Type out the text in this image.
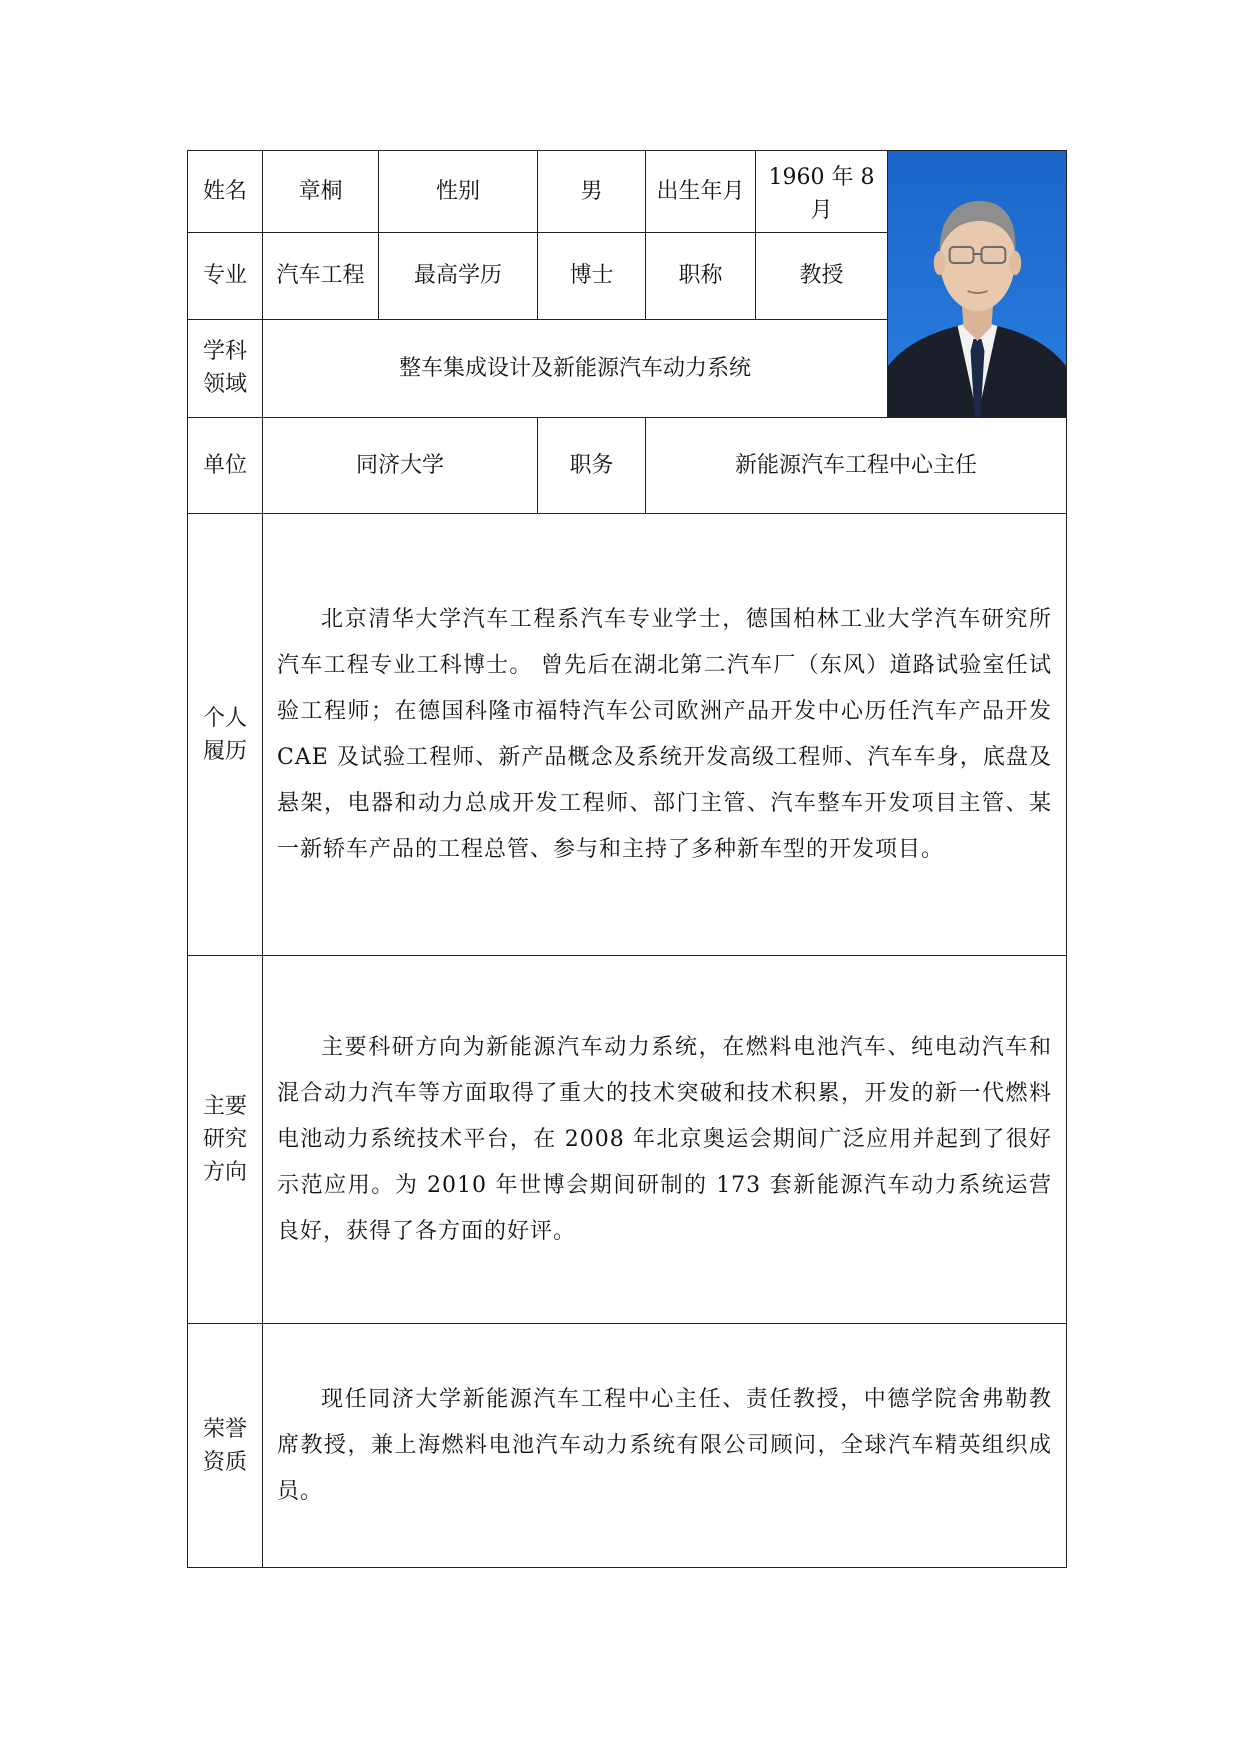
姓名	章桐	性别	男	出生年月	1960 年 8 月	

专业	汽车工程	最高学历	博士	职称	教授	
学科领域	整车集成设计及新能源汽车动力系统					
单位	同济大学		职务	新能源汽车工程中心主任		
个人履历	北京清华大学汽车工程系汽车专业学士，德国柏林工业大学汽车研究所汽车工程专业工科博士。 曾先后在湖北第二汽车厂（东风）道路试验室任试验工程师；在德国科隆市福特汽车公司欧洲产品开发中心历任汽车产品开发 CAE 及试验工程师、新产品概念及系统开发高级工程师、汽车车身，底盘及悬架，电器和动力总成开发工程师、部门主管、汽车整车开发项目主管、某一新轿车产品的工程总管、参与和主持了多种新车型的开发项目。					

主要研究方向	主要科研方向为新能源汽车动力系统，在燃料电池汽车、纯电动汽车和混合动力汽车等方面取得了重大的技术突破和技术积累，开发的新一代燃料电池动力系统技术平台，在 2008 年北京奥运会期间广泛应用并起到了很好示范应用。为 2010 年世博会期间研制的 173 套新能源汽车动力系统运营良好，获得了各方面的好评。					

荣誉资质	现任同济大学新能源汽车工程中心主任、责任教授，中德学院舍弗勒教席教授，兼上海燃料电池汽车动力系统有限公司顾问，全球汽车精英组织成员。					
